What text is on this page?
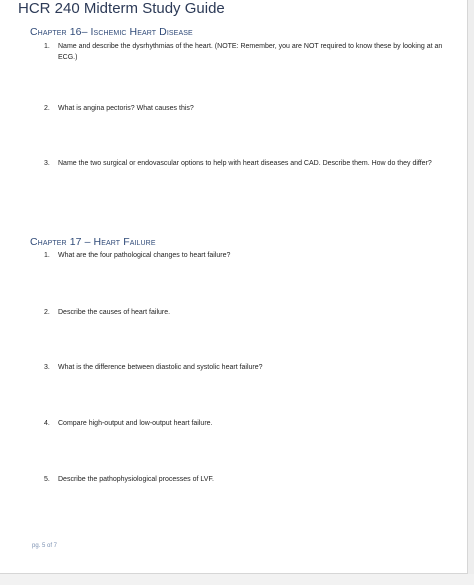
HCR 240 Midterm Study Guide
Chapter 16– Ischemic Heart Disease
1. Name and describe the dysrhythmias of the heart. (NOTE: Remember, you are NOT required to know these by looking at an ECG.)
2. What is angina pectoris? What causes this?
3. Name the two surgical or endovascular options to help with heart diseases and CAD. Describe them. How do they differ?
Chapter 17 – Heart Failure
1. What are the four pathological changes to heart failure?
2. Describe the causes of heart failure.
3. What is the difference between diastolic and systolic heart failure?
4. Compare high-output and low-output heart failure.
5. Describe the pathophysiological processes of LVF.
pg. 5 of 7
